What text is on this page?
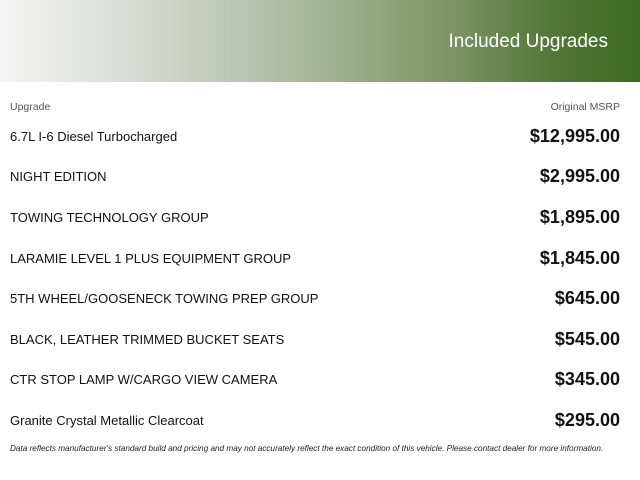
Included Upgrades
Upgrade	Original MSRP
6.7L I-6 Diesel Turbocharged	$12,995.00
NIGHT EDITION	$2,995.00
TOWING TECHNOLOGY GROUP	$1,895.00
LARAMIE LEVEL 1 PLUS EQUIPMENT GROUP	$1,845.00
5TH WHEEL/GOOSENECK TOWING PREP GROUP	$645.00
BLACK, LEATHER TRIMMED BUCKET SEATS	$545.00
CTR STOP LAMP W/CARGO VIEW CAMERA	$345.00
Granite Crystal Metallic Clearcoat	$295.00
Data reflects manufacturer's standard build and pricing and may not accurately reflect the exact condition of this vehicle. Please contact dealer for more information.
